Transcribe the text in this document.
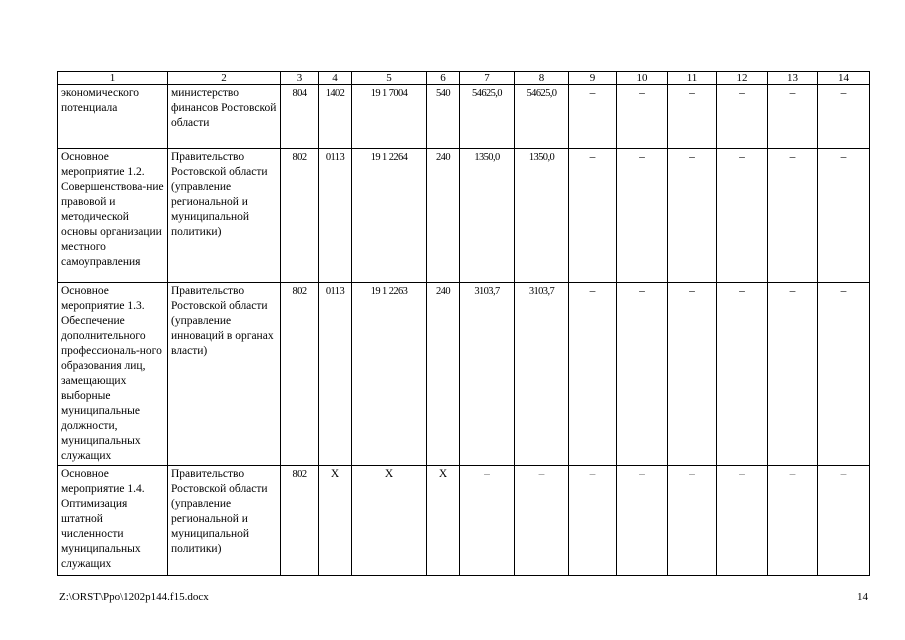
1	2	3	4	5	6	7	8	9	10	11	12	13	14
экономического потенциала	министерство финансов Ростовской области	804	1402	19 1 7004	540	54625,0	54625,0	–	–	–	–	–	–
Основное мероприятие 1.2. Совершенствова-ние правовой и методической основы организации местного самоуправления	Правительство Ростовской области (управление региональной и муниципальной политики)	802	0113	19 1 2264	240	1350,0	1350,0	–	–	–	–	–	–
Основное мероприятие 1.3. Обеспечение дополнительного профессиональ-ного образования лиц, замещающих выборные муниципальные должности, муниципальных служащих	Правительство Ростовской области (управление инноваций в органах власти)	802	0113	19 1 2263	240	3103,7	3103,7	–	–	–	–	–	–
Основное мероприятие 1.4. Оптимизация штатной численности муниципальных служащих	Правительство Ростовской области (управление региональной и муниципальной политики)	802	Х	Х	Х	–	–	–	–	–	–	–	–
Z:\ORST\Ppo\1202p144.f15.docx	14
